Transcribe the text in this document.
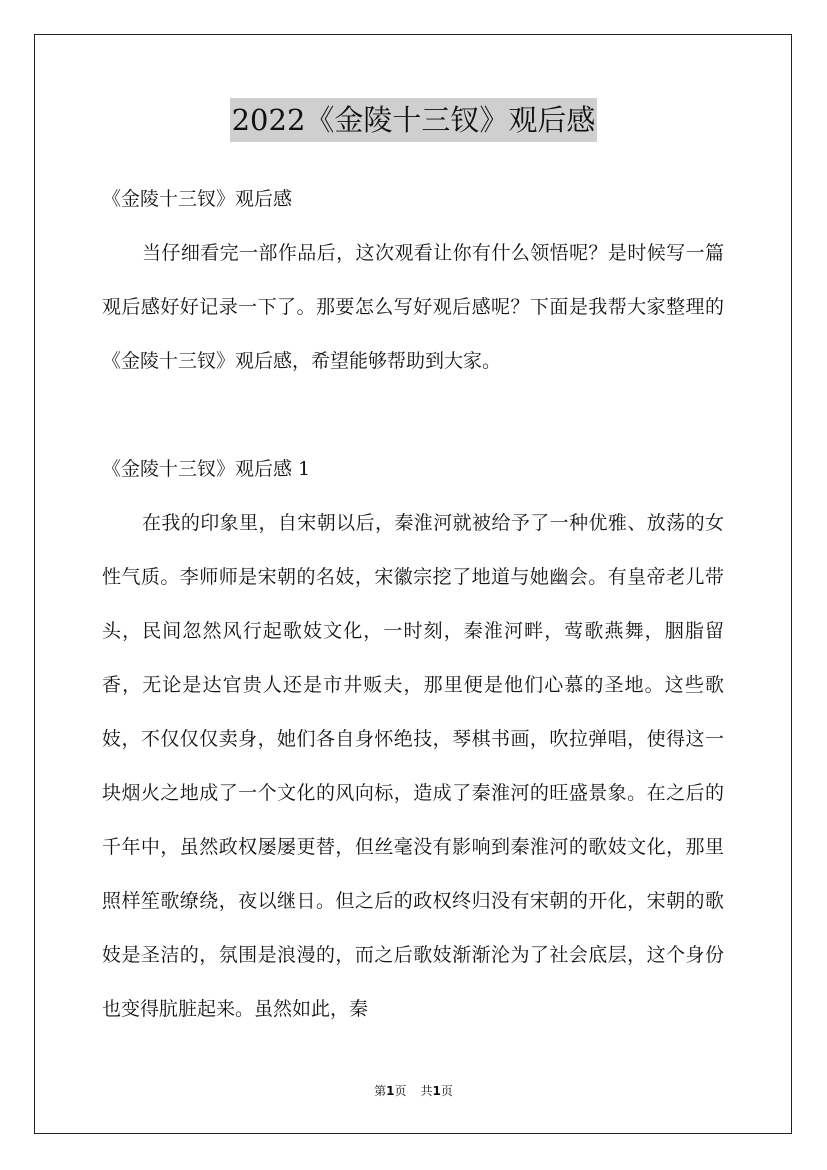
2022《金陵十三钗》观后感

《金陵十三钗》观后感

当仔细看完一部作品后，这次观看让你有什么领悟呢？是时候写一篇观后感好好记录一下了。那要怎么写好观后感呢？下面是我帮大家整理的《金陵十三钗》观后感，希望能够帮助到大家。

《金陵十三钗》观后感 1

在我的印象里，自宋朝以后，秦淮河就被给予了一种优雅、放荡的女性气质。李师师是宋朝的名妓，宋徽宗挖了地道与她幽会。有皇帝老儿带头，民间忽然风行起歌妓文化，一时刻，秦淮河畔，莺歌燕舞，胭脂留香，无论是达官贵人还是市井贩夫，那里便是他们心慕的圣地。这些歌妓，不仅仅仅卖身，她们各自身怀绝技，琴棋书画，吹拉弹唱，使得这一块烟火之地成了一个文化的风向标，造成了秦淮河的旺盛景象。在之后的千年中，虽然政权屡屡更替，但丝毫没有影响到秦淮河的歌妓文化，那里照样笙歌缭绕，夜以继日。但之后的政权终归没有宋朝的开化，宋朝的歌妓是圣洁的，氛围是浪漫的，而之后歌妓渐渐沦为了社会底层，这个身份也变得肮脏起来。虽然如此，秦

第1页 共1页
